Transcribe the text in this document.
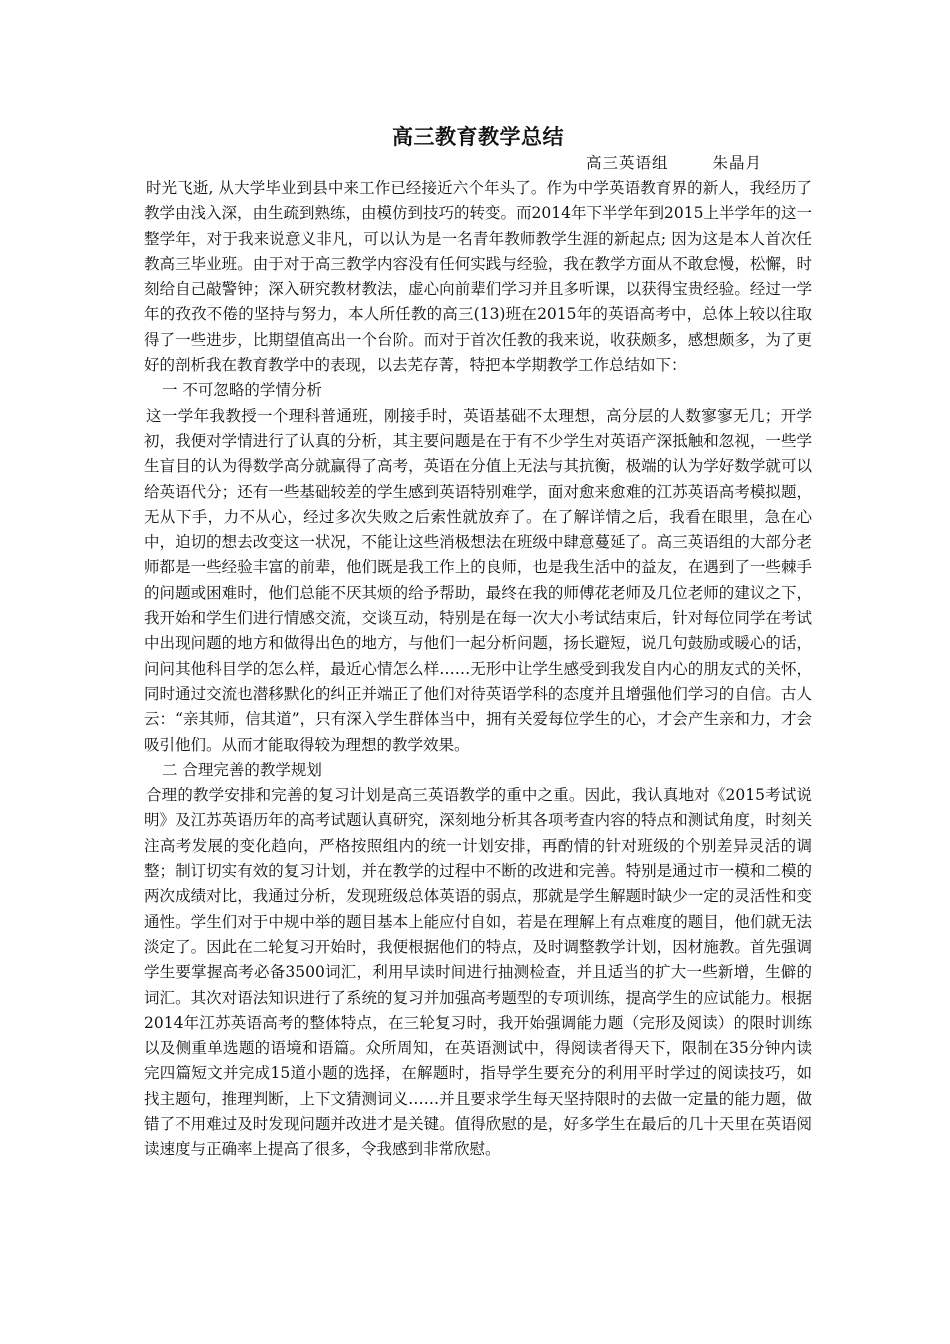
高三教育教学总结

高三英语组	朱晶月

时光飞逝, 从大学毕业到县中来工作已经接近六个年头了。作为中学英语教育界的新人，我经历了教学由浅入深，由生疏到熟练，由模仿到技巧的转变。而2014年下半学年到2015上半学年的这一整学年，对于我来说意义非凡，可以认为是一名青年教师教学生涯的新起点; 因为这是本人首次任教高三毕业班。由于对于高三教学内容没有任何实践与经验，我在教学方面从不敢怠慢，松懈，时刻给自己敲警钟；深入研究教材教法，虚心向前辈们学习并且多听课，以获得宝贵经验。经过一学年的孜孜不倦的坚持与努力，本人所任教的高三(13)班在2015年的英语高考中，总体上较以往取得了一些进步，比期望值高出一个台阶。而对于首次任教的我来说，收获颇多，感想颇多，为了更好的剖析我在教育教学中的表现，以去芜存菁，特把本学期教学工作总结如下：

一 不可忽略的学情分析

这一学年我教授一个理科普通班，刚接手时，英语基础不太理想，高分层的人数寥寥无几；开学初，我便对学情进行了认真的分析，其主要问题是在于有不少学生对英语产深抵触和忽视，一些学生盲目的认为得数学高分就赢得了高考，英语在分值上无法与其抗衡，极端的认为学好数学就可以给英语代分；还有一些基础较差的学生感到英语特别难学，面对愈来愈难的江苏英语高考模拟题，无从下手，力不从心，经过多次失败之后索性就放弃了。在了解详情之后，我看在眼里，急在心中，迫切的想去改变这一状况，不能让这些消极想法在班级中肆意蔓延了。高三英语组的大部分老师都是一些经验丰富的前辈，他们既是我工作上的良师，也是我生活中的益友，在遇到了一些棘手的问题或困难时，他们总能不厌其烦的给予帮助，最终在我的师傅花老师及几位老师的建议之下，我开始和学生们进行情感交流，交谈互动，特别是在每一次大小考试结束后，针对每位同学在考试中出现问题的地方和做得出色的地方，与他们一起分析问题，扬长避短，说几句鼓励或暖心的话，问问其他科目学的怎么样，最近心情怎么样……无形中让学生感受到我发自内心的朋友式的关怀，同时通过交流也潜移默化的纠正并端正了他们对待英语学科的态度并且增强他们学习的自信。古人云：“亲其师，信其道”，只有深入学生群体当中，拥有关爱每位学生的心，才会产生亲和力，才会吸引他们。从而才能取得较为理想的教学效果。

二 合理完善的教学规划

合理的教学安排和完善的复习计划是高三英语教学的重中之重。因此，我认真地对《2015考试说明》及江苏英语历年的高考试题认真研究，深刻地分析其各项考查内容的特点和测试角度，时刻关注高考发展的变化趋向，严格按照组内的统一计划安排，再酌情的针对班级的个别差异灵活的调整；制订切实有效的复习计划，并在教学的过程中不断的改进和完善。特别是通过市一模和二模的两次成绩对比，我通过分析，发现班级总体英语的弱点，那就是学生解题时缺少一定的灵活性和变通性。学生们对于中规中举的题目基本上能应付自如，若是在理解上有点难度的题目，他们就无法淡定了。因此在二轮复习开始时，我便根据他们的特点，及时调整教学计划，因材施教。首先强调学生要掌握高考必备3500词汇，利用早读时间进行抽测检查，并且适当的扩大一些新增，生僻的词汇。其次对语法知识进行了系统的复习并加强高考题型的专项训练，提高学生的应试能力。根据2014年江苏英语高考的整体特点，在三轮复习时，我开始强调能力题（完形及阅读）的限时训练以及侧重单选题的语境和语篇。众所周知，在英语测试中，得阅读者得天下，限制在35分钟内读完四篇短文并完成15道小题的选择，在解题时，指导学生要充分的利用平时学过的阅读技巧，如找主题句，推理判断，上下文猜测词义……并且要求学生每天坚持限时的去做一定量的能力题，做错了不用难过及时发现问题并改进才是关键。值得欣慰的是，好多学生在最后的几十天里在英语阅读速度与正确率上提高了很多，令我感到非常欣慰。
